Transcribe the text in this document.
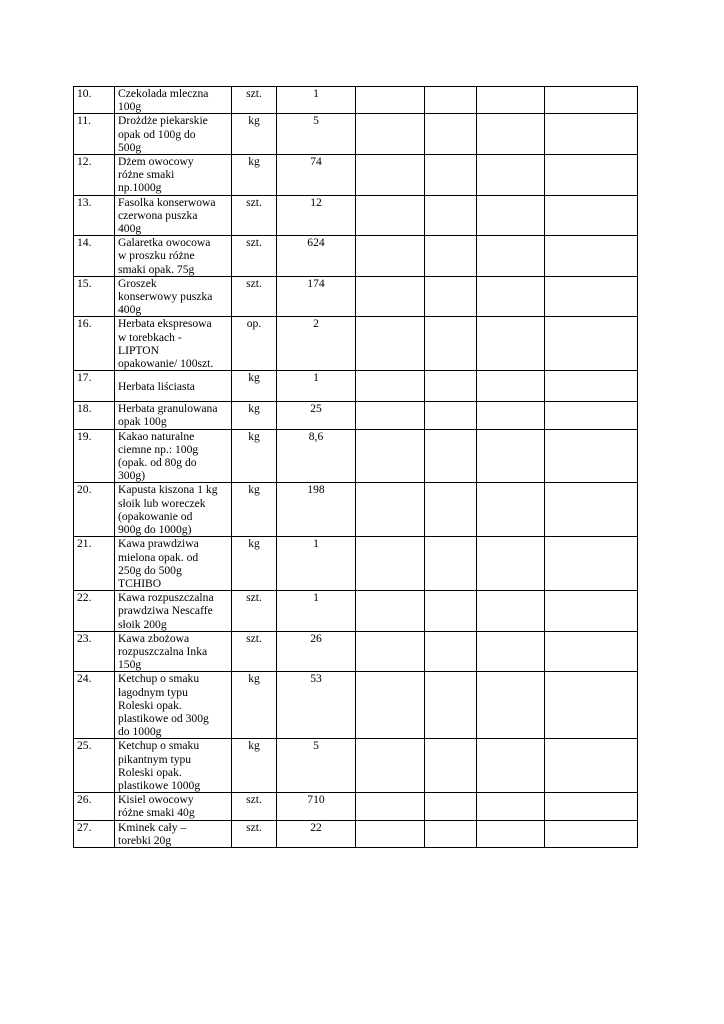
10.	Czekolada mleczna
100g	szt.	1				
11.	Drożdże piekarskie
opak od 100g do
500g	kg	5				
12.	Dżem owocowy
różne smaki
np.1000g	kg	74				
13.	Fasolka konserwowa
czerwona puszka
400g	szt.	12				
14.	Galaretka owocowa
w proszku różne
smaki opak. 75g	szt.	624				
15.	Groszek
konserwowy puszka
400g	szt.	174				
16.	Herbata ekspresowa
w torebkach -
LIPTON
opakowanie/ 100szt.	op.	2				
17.	Herbata liściasta	kg	1				
18.	Herbata granulowana
opak 100g	kg	25				
19.	Kakao naturalne
ciemne np.: 100g
(opak. od 80g do
300g)	kg	8,6				
20.	Kapusta kiszona 1 kg
słoik lub woreczek
(opakowanie od
900g do 1000g)	kg	198				
21.	Kawa prawdziwa
mielona opak. od
250g do 500g
TCHIBO	kg	1				
22.	Kawa rozpuszczalna
prawdziwa Nescaffe
słoik 200g	szt.	1				
23.	Kawa zbożowa
rozpuszczalna Inka
150g	szt.	26				
24.	Ketchup o smaku
łagodnym typu
Roleski opak.
plastikowe od 300g
do 1000g	kg	53				
25.	Ketchup o smaku
pikantnym typu
Roleski opak.
plastikowe 1000g	kg	5				
26.	Kisiel owocowy
różne smaki 40g	szt.	710				
27.	Kminek cały –
torebki 20g	szt.	22				
